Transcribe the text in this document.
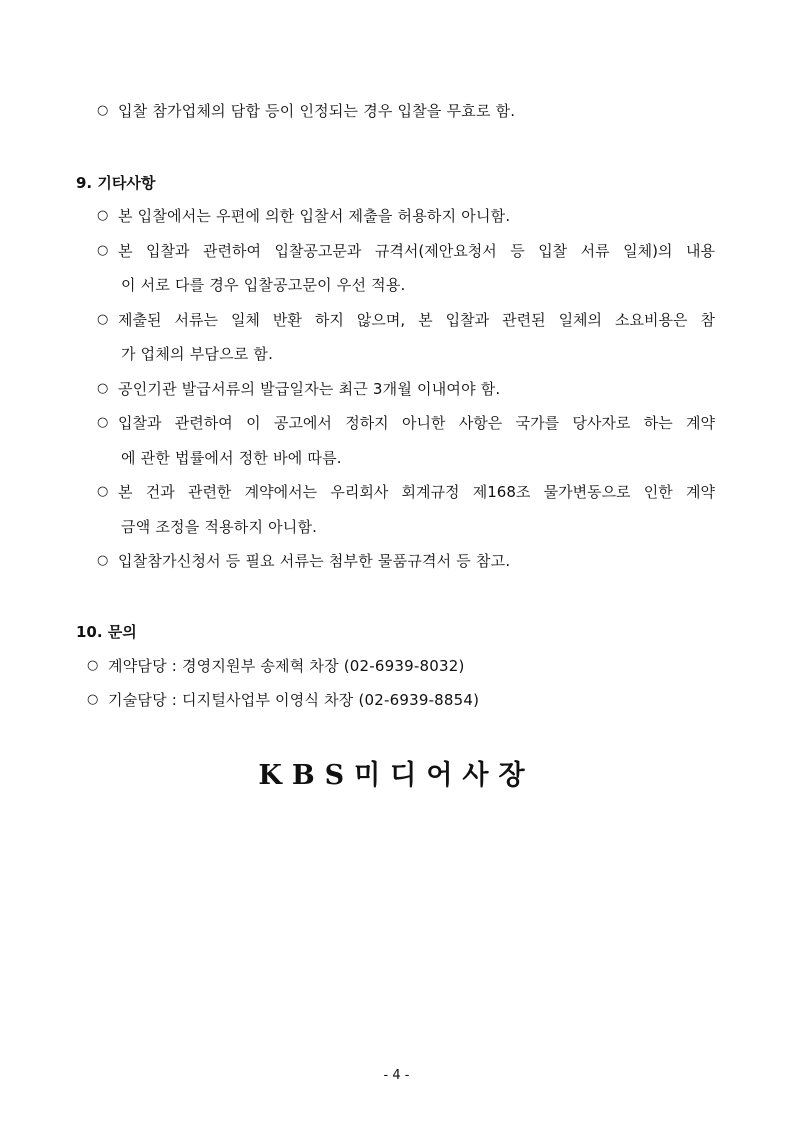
○ 입찰 참가업체의 담합 등이 인정되는 경우 입찰을 무효로 함.
9. 기타사항
○ 본 입찰에서는 우편에 의한 입찰서 제출을 허용하지 아니함.
○ 본 입찰과 관련하여 입찰공고문과 규격서(제안요청서 등 입찰 서류 일체)의 내용
이 서로 다를 경우 입찰공고문이 우선 적용.
○ 제출된 서류는 일체 반환 하지 않으며, 본 입찰과 관련된 일체의 소요비용은 참
가 업체의 부담으로 함.
○ 공인기관 발급서류의 발급일자는 최근 3개월 이내여야 함.
○ 입찰과 관련하여 이 공고에서 정하지 아니한 사항은 국가를 당사자로 하는 계약
에 관한 법률에서 정한 바에 따름.
○ 본 건과 관련한 계약에서는 우리회사 회계규정 제168조 물가변동으로 인한 계약
금액 조정을 적용하지 아니함.
○ 입찰참가신청서 등 필요 서류는 첨부한 물품규격서 등 참고.
10. 문의
○ 계약담당 : 경영지원부 송제혁 차장 (02-6939-8032)
○ 기술담당 : 디지털사업부 이영식 차장 (02-6939-8854)
KBS미디어사장
- 4 -
